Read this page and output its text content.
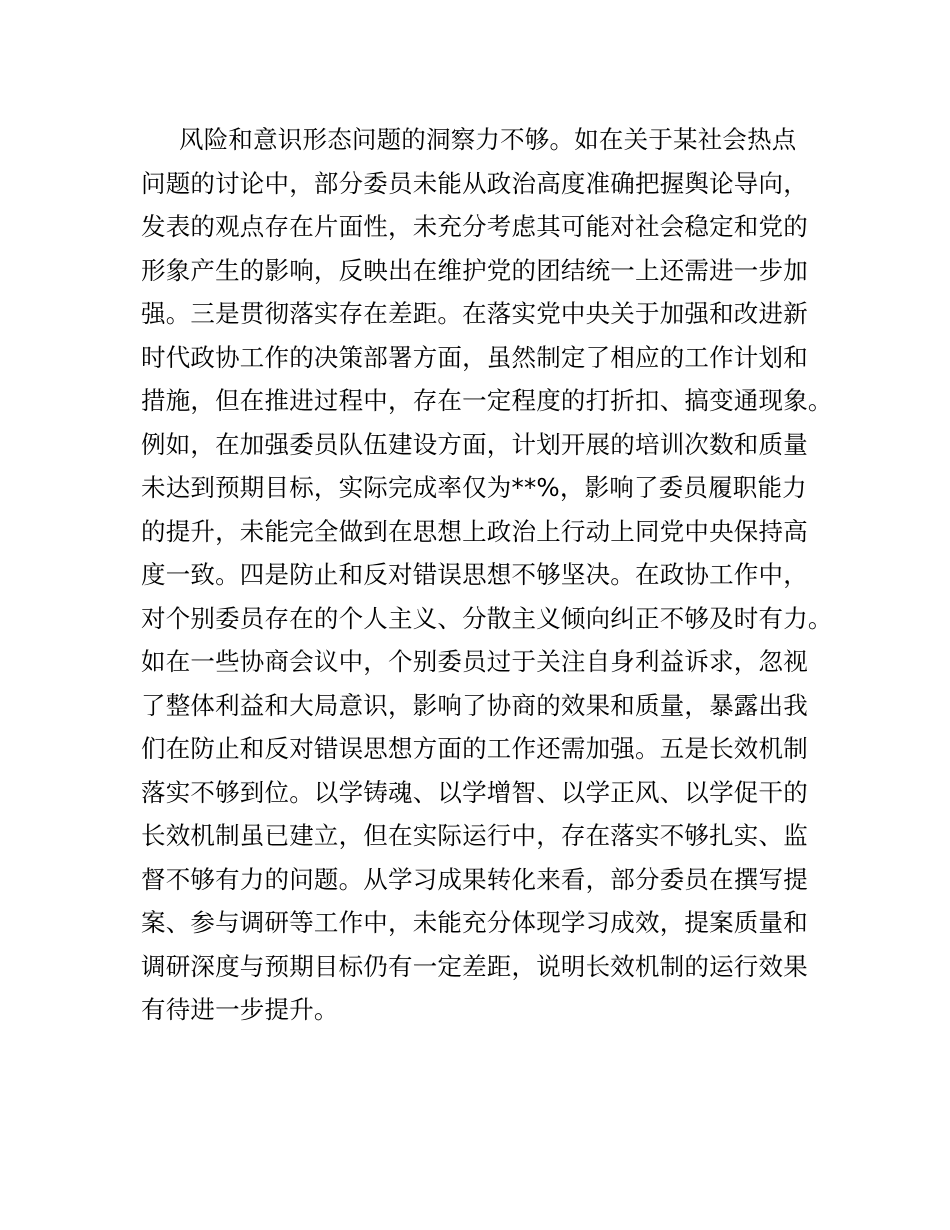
风险和意识形态问题的洞察力不够。如在关于某社会热点
问题的讨论中，部分委员未能从政治高度准确把握舆论导向，
发表的观点存在片面性，未充分考虑其可能对社会稳定和党的
形象产生的影响，反映出在维护党的团结统一上还需进一步加
强。三是贯彻落实存在差距。在落实党中央关于加强和改进新
时代政协工作的决策部署方面，虽然制定了相应的工作计划和
措施，但在推进过程中，存在一定程度的打折扣、搞变通现象。
例如，在加强委员队伍建设方面，计划开展的培训次数和质量
未达到预期目标，实际完成率仅为**%，影响了委员履职能力
的提升，未能完全做到在思想上政治上行动上同党中央保持高
度一致。四是防止和反对错误思想不够坚决。在政协工作中，
对个别委员存在的个人主义、分散主义倾向纠正不够及时有力。
如在一些协商会议中，个别委员过于关注自身利益诉求，忽视
了整体利益和大局意识，影响了协商的效果和质量，暴露出我
们在防止和反对错误思想方面的工作还需加强。五是长效机制
落实不够到位。以学铸魂、以学增智、以学正风、以学促干的
长效机制虽已建立，但在实际运行中，存在落实不够扎实、监
督不够有力的问题。从学习成果转化来看，部分委员在撰写提
案、参与调研等工作中，未能充分体现学习成效，提案质量和
调研深度与预期目标仍有一定差距，说明长效机制的运行效果
有待进一步提升。
